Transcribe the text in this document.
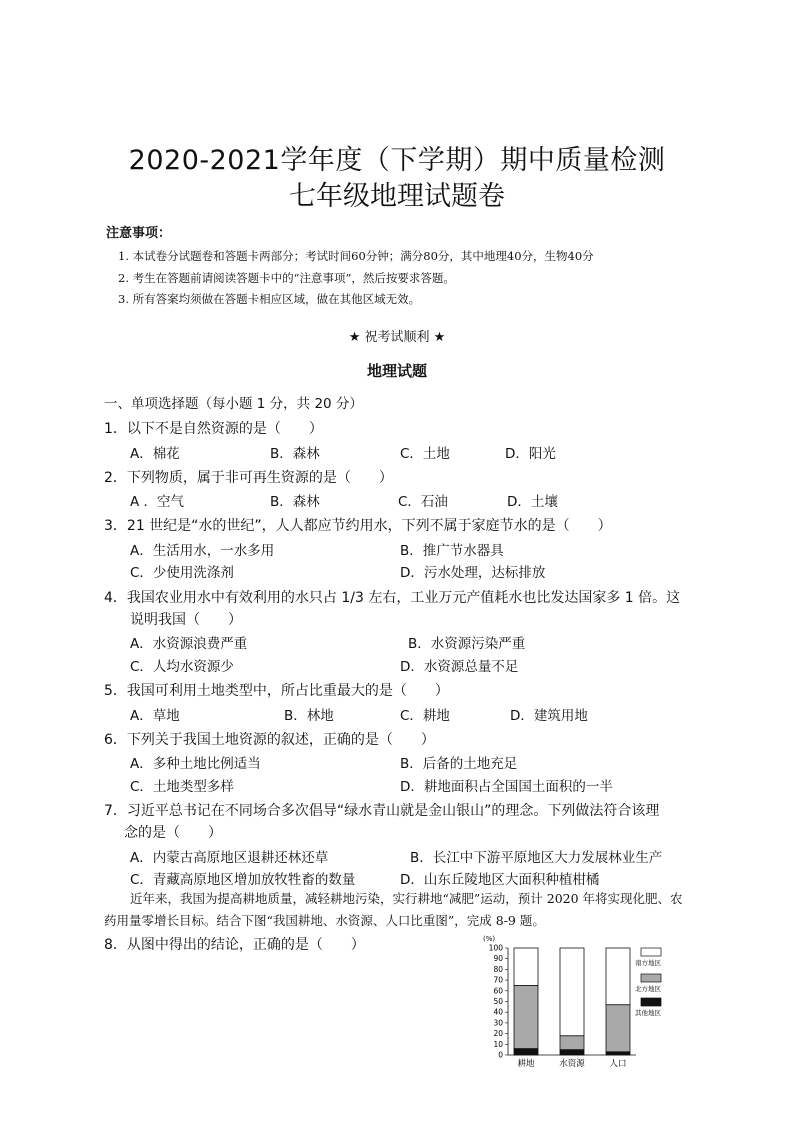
2020-2021学年度（下学期）期中质量检测
七年级地理试题卷
注意事项：
1. 本试卷分试题卷和答题卡两部分；考试时间60分钟；满分80分，其中地理40分，生物40分
2. 考生在答题前请阅读答题卡中的“注意事项”，然后按要求答题。
3. 所有答案均须做在答题卡相应区域，做在其他区域无效。
★ 祝考试顺利 ★
地理试题
一、单项选择题（每小题 1 分，共 20 分）
1．以下不是自然资源的是（　　）
A．棉花	B．森林	C．土地	D．阳光
2．下列物质，属于非可再生资源的是（　　）
A ．空气	B．森林	C．石油	D．土壤
3．21 世纪是“水的世纪”，人人都应节约用水，下列不属于家庭节水的是（　　）
A．生活用水，一水多用	B．推广节水器具
C．少使用洗涤剂	D．污水处理，达标排放
4．我国农业用水中有效利用的水只占 1/3 左右，工业万元产值耗水也比发达国家多 1 倍。这
说明我国（　　）
A．水资源浪费严重	B．水资源污染严重
C．人均水资源少	D．水资源总量不足
5．我国可利用土地类型中，所占比重最大的是（　　）
A．草地	B．林地	C．耕地	D．建筑用地
6．下列关于我国土地资源的叙述，正确的是（　　）
A．多种土地比例适当	B．后备的土地充足
C．土地类型多样	D．耕地面积占全国国土面积的一半
7．习近平总书记在不同场合多次倡导“绿水青山就是金山银山”的理念。下列做法符合该理
念的是（　　）
A．内蒙古高原地区退耕还林还草	B．长江中下游平原地区大力发展林业生产
C．青藏高原地区增加放牧牲畜的数量	D．山东丘陵地区大面积种植柑橘
近年来，我国为提高耕地质量，减轻耕地污染，实行耕地“减肥”运动，预计 2020 年将实现化肥、农药用量零增长目标。结合下图“我国耕地、水资源、人口比重图”，完成 8-9 题。
8．从图中得出的结论，正确的是（　　）	(%)
0
10
20
30
40
50
60
70
80
90
100
耕地	水资源	人口
南方地区
北方地区
其他地区
